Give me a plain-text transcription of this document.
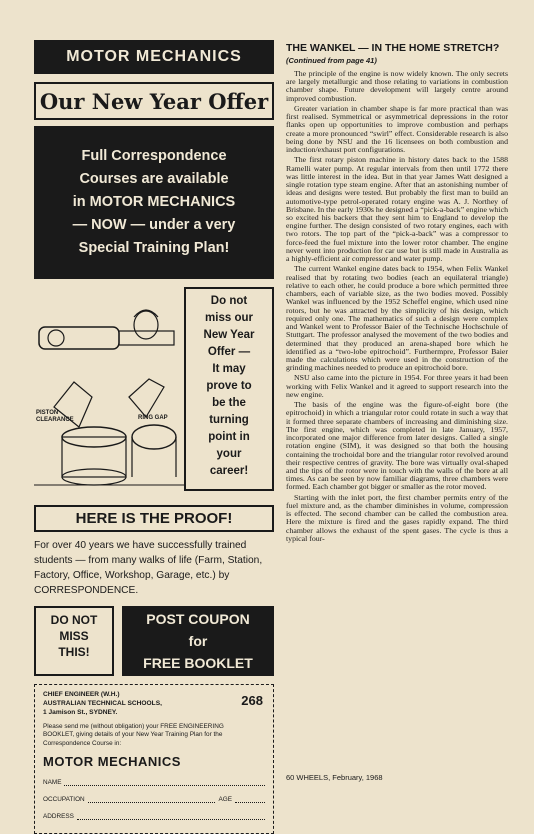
MOTOR MECHANICS
Our New Year Offer
Full Correspondence
Courses are available
in MOTOR MECHANICS
— NOW — under a very
Special Training Plan!
PISTON
CLEARANCE	RING GAP
Do not
miss our
New Year
Offer —
It may
prove to
be the
turning
point in
your
career!
HERE IS THE PROOF!
For over 40 years we have successfully trained students — from many walks of life (Farm, Station, Factory, Office, Workshop, Garage, etc.) by CORRESPONDENCE.
DO NOT
MISS
THIS!
POST COUPON
for
FREE BOOKLET
CHIEF ENGINEER (W.H.)
AUSTRALIAN TECHNICAL SCHOOLS,
1 Jamison St., SYDNEY.
268
Please send me (without obligation) your FREE ENGINEERING BOOKLET, giving details of your New Year Training Plan for the Correspondence Course in:
MOTOR MECHANICS
NAME
OCCUPATION	AGE
ADDRESS
THE WANKEL — IN THE HOME STRETCH?
(Continued from page 41)

The principle of the engine is now widely known. The only secrets are largely metallurgic and those relating to variations in combustion chamber shape. Future development will largely centre around improved combustion.

Greater variation in chamber shape is far more practical than was first realised. Symmetrical or asymmetrical depressions in the rotor flanks open up opportunities to improve combustion and perhaps create a more pronounced “swirl” effect. Considerable research is also being done by NSU and the 16 licensees on both combustion and induction/exhaust port configurations.

The first rotary piston machine in history dates back to the 1588 Ramelli water pump. At regular intervals from then until 1772 there was little interest in the idea. But in that year James Watt designed a single rotation type steam engine. After that an astonishing number of ideas and designs were tested. But probably the first man to build an automotive-type petrol-operated rotary engine was A. J. Northey of Brisbane. In the early 1930s he designed a “pick-a-back” engine which so excited his backers that they sent him to England to develop the engine further. The design consisted of two rotary engines, each with two rotors. The top part of the “pick-a-back” was a compressor to force-feed the fuel mixture into the lower rotor chamber. The engine never went into production for car use but is still made in Australia as a highly-efficient air compressor and water pump.

The current Wankel engine dates back to 1954, when Felix Wankel realised that by rotating two bodies (each an equilateral triangle) relative to each other, he could produce a bore which permitted three chambers, each of variable size, as the two bodies moved. Possibly Wankel was influenced by the 1952 Scheffel engine, which used nine rotors, but he was attracted by the simplicity of his design, which required only one. The mathematics of such a design were complex and Wankel went to Professor Baier of the Technische Hochschule of Stuttgart. The professor analysed the movement of the two bodies and determined that they produced an arena-shaped bore which he identified as a “two-lobe epitrochoid”. Furthermpre, Professor Baier made the calculations which were used in the construction of the grinding machines needed to produce an epitrochoid bore.

NSU also came into the picture in 1954. For three years it had been working with Felix Wankel and it agreed to support research into the new engine.

The basis of the engine was the figure-of-eight bore (the epitrochoid) in which a triangular rotor could rotate in such a way that it formed three separate chambers of increasing and diminishing size. The first engine, which was completed in late January, 1957, incorporated one major difference from later designs. Called a single rotation engine (SIM), it was designed so that both the housing containing the trochoidal bore and the triangular rotor revolved around their respective centres of gravity. The bore was virtually oval-shaped and the tips of the rotor were in touch with the walls of the bore at all times. As can be seen by now familiar diagrams, three chambers were formed. Each chamber got bigger or smaller as the rotor moved.

Starting with the inlet port, the first chamber permits entry of the fuel mixture and, as the chamber diminishes in volume, compression is effected. The second chamber can be called the combustion area. Here the mixture is fired and the gases rapidly expand. The third chamber allows the exhaust of the spent gases. The cycle is thus a typical four-

60 WHEELS, February, 1968
